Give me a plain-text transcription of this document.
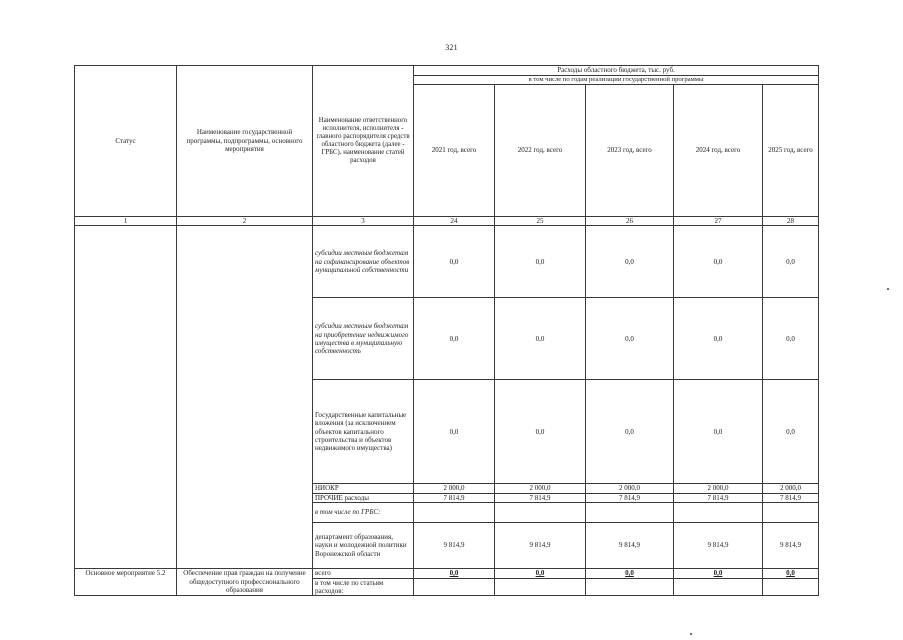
321
Статус	Наименование государственной программы, подпрограммы, основного мероприятия	Наименование ответственного исполнителя, исполнителя - главного распорядителя средств областного бюджета (далее - ГРБС), наименование статей расходов	Расходы областного бюджета, тыс. руб.				
			в том числе по годам реализации государственной программы				
			2021 год, всего	2022 год, всего	2023 год, всего	2024 год, всего	2025 год, всего
1	2	3	24	25	26	27	28
		субсидии местным бюджетам на софинансирование объектов муниципальной собственности	0,0	0,0	0,0	0,0	0,0
		субсидии местным бюджетам на приобретение недвижимого имущества в муниципальную собственность	0,0	0,0	0,0	0,0	0,0
		Государственные капитальные вложения (за исключением объектов капитального строительства и объектов недвижимого имущества)	0,0	0,0	0,0	0,0	0,0
		НИОКР	2 000,0	2 000,0	2 000,0	2 000,0	2 000,0
		ПРОЧИЕ расходы	7 814,9	7 814,9	7 814,9	7 814,9	7 814,9
		в том числе по ГРБС:					
		департамент образования, науки и молодежной политики Воронежской области	9 814,9	9 814,9	9 814,9	9 814,9	9 814,9
Основное мероприятие 5.2	Обеспечение прав граждан на получение общедоступного профессионального образования	всего	0,0	0,0	0,0	0,0	0,0
		в том числе по статьям расходов:					
